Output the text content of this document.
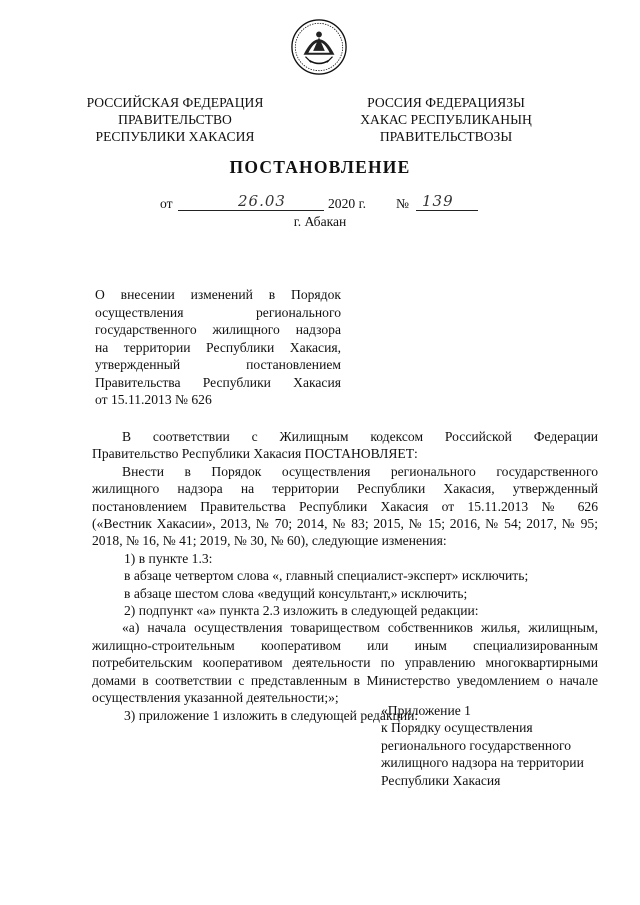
РОССИЙСКАЯ ФЕДЕРАЦИЯ
ПРАВИТЕЛЬСТВО
РЕСПУБЛИКИ ХАКАСИЯ
РОССИЯ ФЕДЕРАЦИЯЗЫ
ХАКАС РЕСПУБЛИКАНЫҢ
ПРАВИТЕЛЬСТВОЗЫ
ПОСТАНОВЛЕНИЕ
от	26.03	2020 г. № 139
г. Абакан
О внесении изменений в Порядок
осуществления регионального
государственного жилищного надзора
на территории Республики Хакасия,
утвержденный постановлением
Правительства Республики Хакасия
от 15.11.2013 № 626
В соответствии с Жилищным кодексом Российской Федерации
Правительство Республики Хакасия ПОСТАНОВЛЯЕТ:
Внести в Порядок осуществления регионального государственного
жилищного надзора на территории Республики Хакасия, утвержденный
постановлением Правительства Республики Хакасия от 15.11.2013 № 626
(«Вестник Хакасии», 2013, № 70; 2014, № 83; 2015, № 15; 2016, № 54; 2017, № 95;
2018, № 16, № 41; 2019, № 30, № 60), следующие изменения:
1) в пункте 1.3:
в абзаце четвертом слова «, главный специалист-эксперт» исключить;
в абзаце шестом слова «ведущий консультант,» исключить;
2) подпункт «а» пункта 2.3 изложить в следующей редакции:
«а) начала осуществления товариществом собственников жилья, жилищным,
жилищно-строительным кооперативом или иным специализированным
потребительским кооперативом деятельности по управлению многоквартирными
домами в соответствии с представленным в Министерство уведомлением о начале
осуществления указанной деятельности;»;
3) приложение 1 изложить в следующей редакции:
«Приложение 1
к Порядку осуществления
регионального государственного
жилищного надзора на территории
Республики Хакасия
